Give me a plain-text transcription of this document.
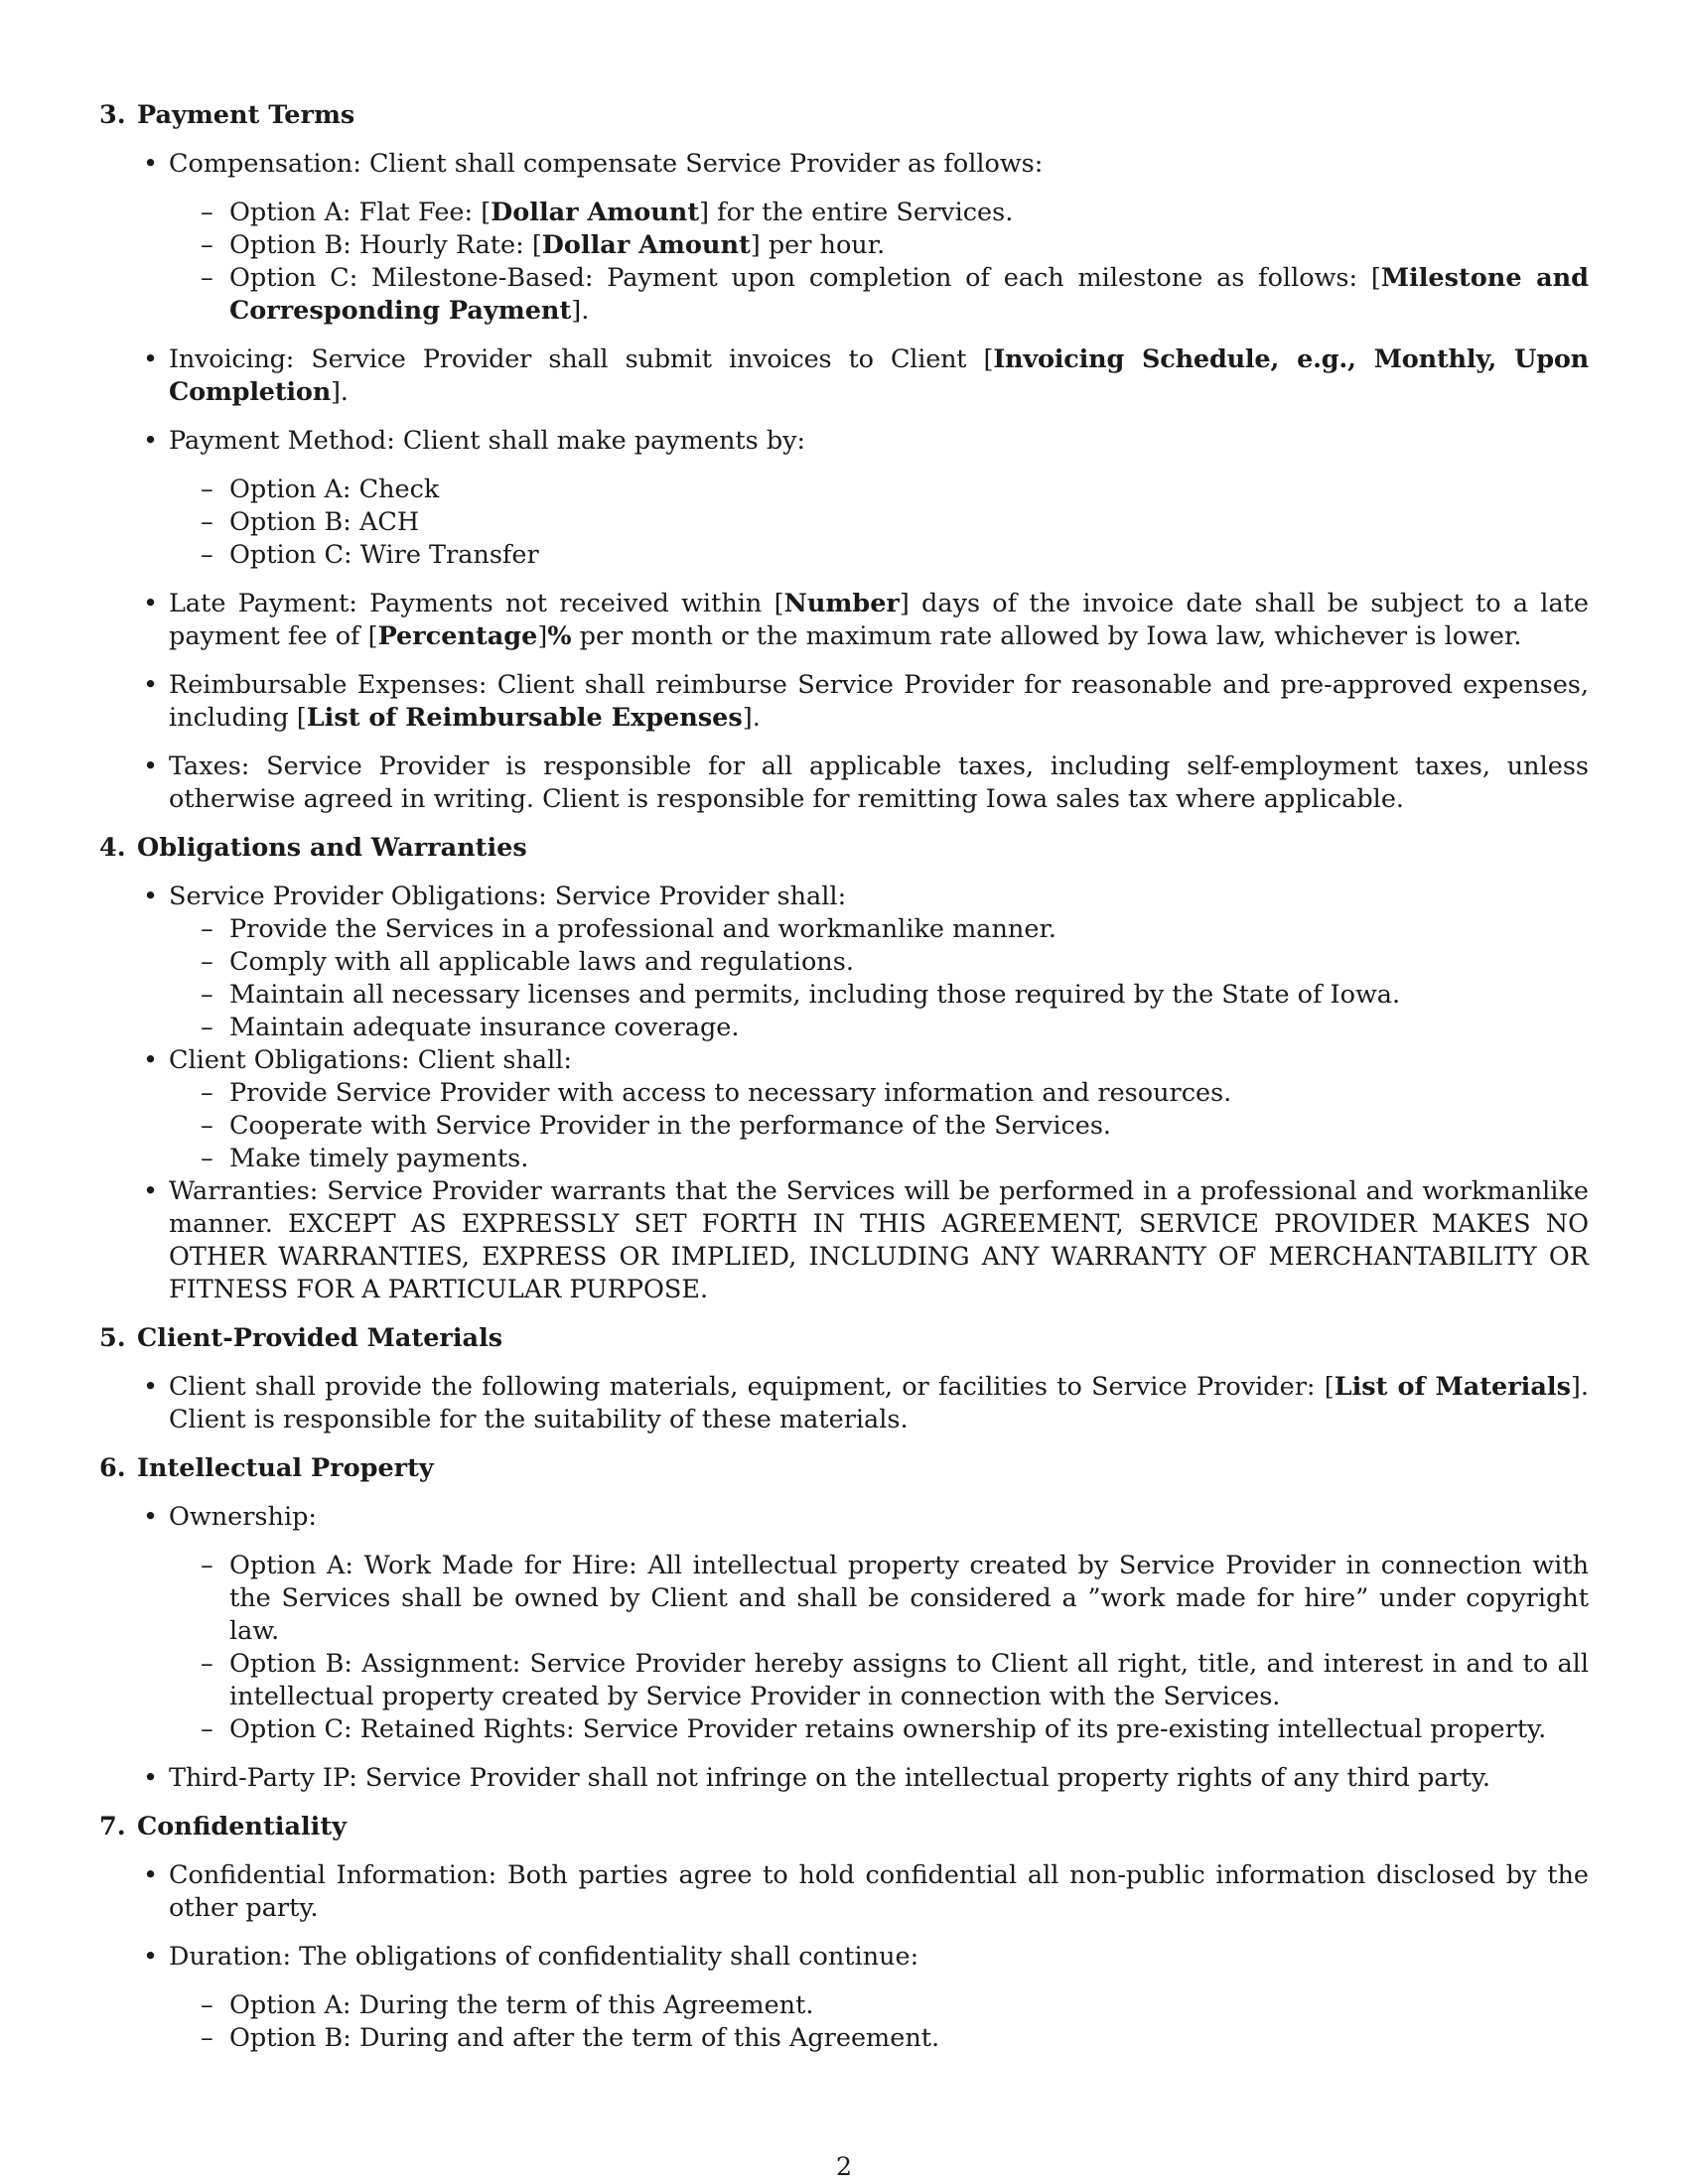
3. Payment Terms

• Compensation: Client shall compensate Service Provider as follows:

– Option A: Flat Fee: [Dollar Amount] for the entire Services.

– Option B: Hourly Rate: [Dollar Amount] per hour.

– Option C: Milestone-Based: Payment upon completion of each milestone as follows: [Milestone and Corresponding Payment].

• Invoicing: Service Provider shall submit invoices to Client [Invoicing Schedule, e.g., Monthly, Upon Completion].

• Payment Method: Client shall make payments by:

– Option A: Check
– Option B: ACH
– Option C: Wire Transfer

• Late Payment: Payments not received within [Number] days of the invoice date shall be subject to a late payment fee of [Percentage]% per month or the maximum rate allowed by Iowa law, whichever is lower.

• Reimbursable Expenses: Client shall reimburse Service Provider for reasonable and pre-approved expenses, including [List of Reimbursable Expenses].

• Taxes: Service Provider is responsible for all applicable taxes, including self-employment taxes, unless otherwise agreed in writing. Client is responsible for remitting Iowa sales tax where applicable.

4. Obligations and Warranties

• Service Provider Obligations: Service Provider shall:

– Provide the Services in a professional and workmanlike manner.
– Comply with all applicable laws and regulations.
– Maintain all necessary licenses and permits, including those required by the State of Iowa.
– Maintain adequate insurance coverage.

• Client Obligations: Client shall:

– Provide Service Provider with access to necessary information and resources.
– Cooperate with Service Provider in the performance of the Services.
– Make timely payments.

• Warranties: Service Provider warrants that the Services will be performed in a professional and workmanlike manner. EXCEPT AS EXPRESSLY SET FORTH IN THIS AGREEMENT, SERVICE PROVIDER MAKES NO OTHER WARRANTIES, EXPRESS OR IMPLIED, INCLUDING ANY WARRANTY OF MERCHANTABILITY OR FITNESS FOR A PARTICULAR PURPOSE.

5. Client-Provided Materials

• Client shall provide the following materials, equipment, or facilities to Service Provider: [List of Materials]. Client is responsible for the suitability of these materials.

6. Intellectual Property

• Ownership:

– Option A: Work Made for Hire: All intellectual property created by Service Provider in connection with the Services shall be owned by Client and shall be considered a ”work made for hire” under copyright law.

– Option B: Assignment: Service Provider hereby assigns to Client all right, title, and interest in and to all intellectual property created by Service Provider in connection with the Services.

– Option C: Retained Rights: Service Provider retains ownership of its pre-existing intellectual property.

• Third-Party IP: Service Provider shall not infringe on the intellectual property rights of any third party.

7. Confidentiality

• Confidential Information: Both parties agree to hold confidential all non-public information disclosed by the other party.

• Duration: The obligations of confidentiality shall continue:

– Option A: During the term of this Agreement.
– Option B: During and after the term of this Agreement.
2
